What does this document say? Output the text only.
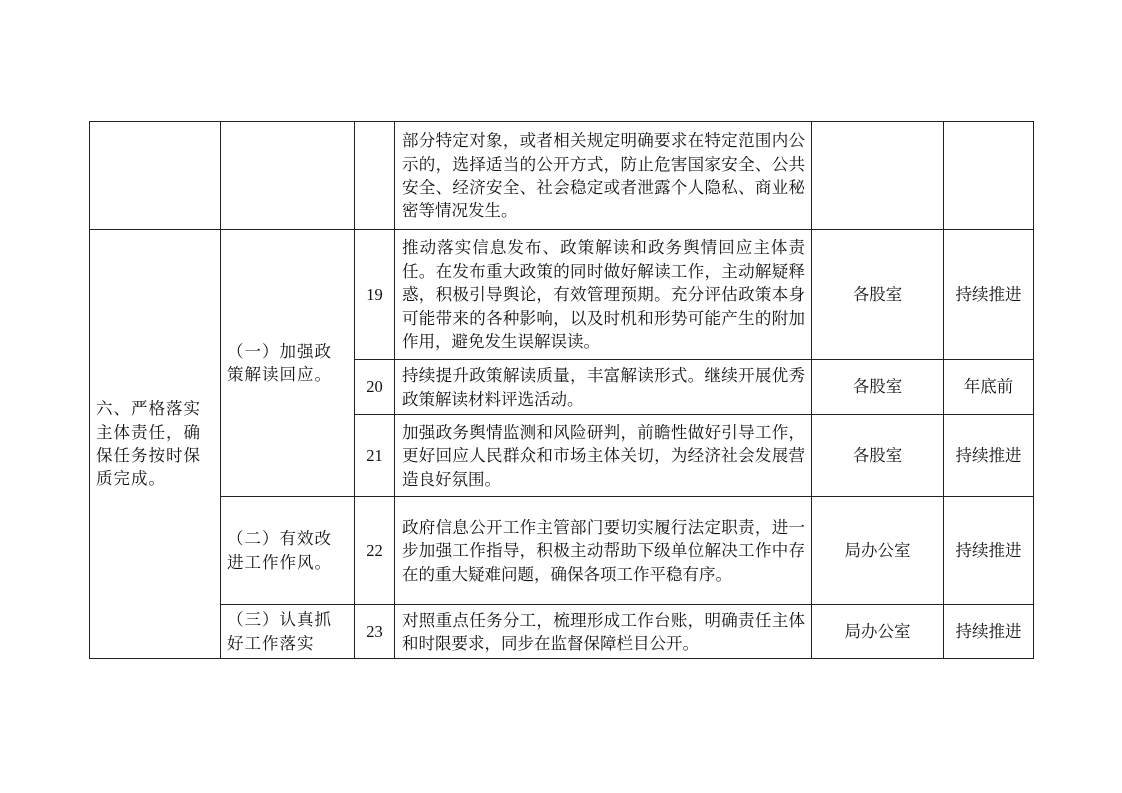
			部分特定对象，或者相关规定明确要求在特定范围内公示的，选择适当的公开方式，防止危害国家安全、公共安全、经济安全、社会稳定或者泄露个人隐私、商业秘密等情况发生。		
六、严格落实主体责任，确保任务按时保质完成。	（一）加强政策解读回应。	19	推动落实信息发布、政策解读和政务舆情回应主体责任。在发布重大政策的同时做好解读工作，主动解疑释惑，积极引导舆论，有效管理预期。充分评估政策本身可能带来的各种影响，以及时机和形势可能产生的附加作用，避免发生误解误读。	各股室	持续推进
		20	持续提升政策解读质量，丰富解读形式。继续开展优秀政策解读材料评选活动。	各股室	年底前
		21	加强政务舆情监测和风险研判，前瞻性做好引导工作，更好回应人民群众和市场主体关切，为经济社会发展营造良好氛围。	各股室	持续推进
	（二）有效改进工作作风。	22	政府信息公开工作主管部门要切实履行法定职责，进一步加强工作指导，积极主动帮助下级单位解决工作中存在的重大疑难问题，确保各项工作平稳有序。	局办公室	持续推进
	（三）认真抓好工作落实	23	对照重点任务分工，梳理形成工作台账，明确责任主体和时限要求，同步在监督保障栏目公开。	局办公室	持续推进
